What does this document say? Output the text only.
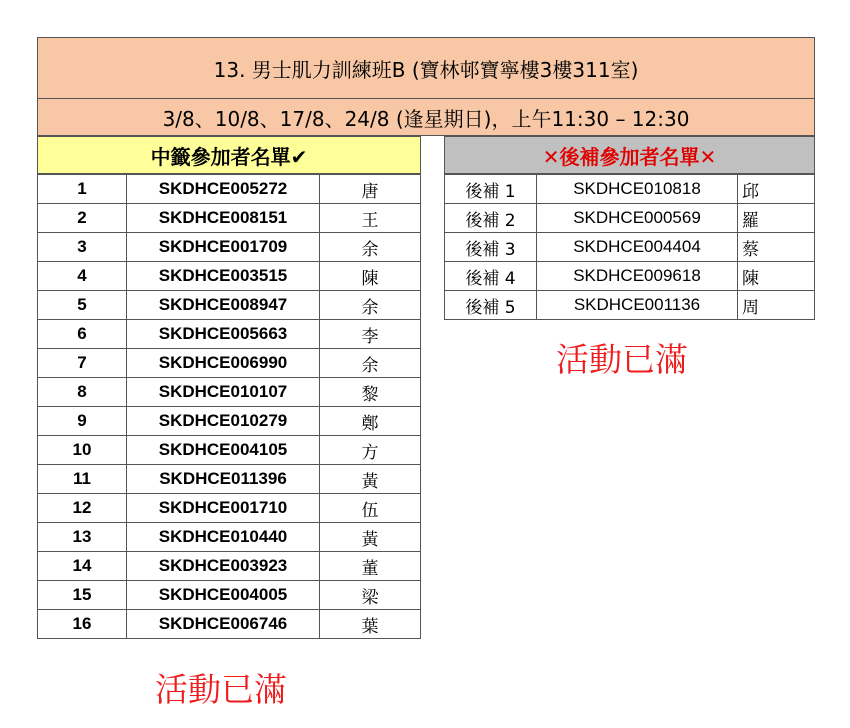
13. 男士肌力訓練班B (寶林邨寶寧樓3樓311室)
3/8、10/8、17/8、24/8 (逢星期日)，上午11:30 – 12:30
中籤參加者名單✔	✕後補參加者名單✕
1	SKDHCE005272	唐
2	SKDHCE008151	王
3	SKDHCE001709	余
4	SKDHCE003515	陳
5	SKDHCE008947	余
6	SKDHCE005663	李
7	SKDHCE006990	余
8	SKDHCE010107	黎
9	SKDHCE010279	鄭
10	SKDHCE004105	方
11	SKDHCE011396	黃
12	SKDHCE001710	伍
13	SKDHCE010440	黃
14	SKDHCE003923	董
15	SKDHCE004005	梁
16	SKDHCE006746	葉
後補 1	SKDHCE010818	邱
後補 2	SKDHCE000569	羅
後補 3	SKDHCE004404	蔡
後補 4	SKDHCE009618	陳
後補 5	SKDHCE001136	周
活動已滿
活動已滿
